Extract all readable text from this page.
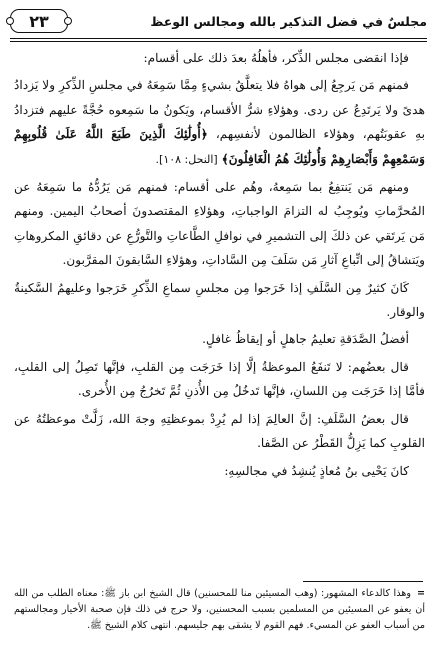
مجلسٌ في فضل التذكير بالله ومجالس الوعظ
٢٣

فإذا انقضى مجلس الذِّكر، فأهلُهُ بعدَ ذلك على أقسام:

فمنهم مَن يَرجِعُ إلى هواهُ فلا يتعلَّقُ بشيءٍ مِمَّا سَمِعَهُ في مجلسِ الذِّكرِ ولا يَزدادُ هدىً ولا يَرتَدِعُ عن ردى. وهؤلاءِ شرُّ الأقسام، ويَكونُ ما سَمِعوه حُجَّةً عليهم فتزدادُ بهِ عقوبَتُهم، وهؤلاء الظالمون لأنفسِهم، ﴿أُولَٰئِكَ الَّذِينَ طَبَعَ اللَّهُ عَلَىٰ قُلُوبِهِمْ وَسَمْعِهِمْ وَأَبْصَارِهِمْ وَأُولَٰئِكَ هُمُ الْغَافِلُونَ﴾ [النحل: ١٠٨].

ومنهم مَن يَنتفِعُ بما سَمِعهُ، وهُم على أقسام: فمنهم مَن يَرُدُّهُ ما سَمِعَهُ عن المُحرَّماتِ ويُوجِبُ له التزامَ الواجباتِ، وهؤلاءِ المقتصدونَ أصحابُ اليمين. ومنهم مَن يَرتَقي عن ذلكَ إلى التشميرِ في نوافلِ الطَّاعاتِ والتَّورُّعِ عن دقائقِ المكروهاتِ ويَتشاقُ إلى اتِّباعِ آثارِ مَن سَلَفَ مِن السَّاداتِ، وهؤلاءِ السَّابقونَ المقرَّبون.

كَانَ كثيرٌ مِن السَّلَفِ إذا خَرَجوا مِن مجلسِ سماعِ الذِّكرِ خَرَجوا وعليهمُ السَّكينةُ والوقار.

أفضلُ الصَّدَقةِ تعليمُ جاهلٍ أو إيقاظُ غافلٍ.

قال بعضُهم: لا تَنفَعُ الموعظةُ إلَّا إذا خَرَجَت مِن القلبِ، فإنَّها تَصِلُ إلى القلبِ، فأمَّا إذا خَرَجَت مِن اللسانِ، فإنَّها تَدخُلُ مِن الأُذنِ ثُمَّ تَخرُجُ مِن الأُخرى.

قال بعضُ السَّلَفِ: إنَّ العالِمَ إذا لم يُرِدْ بموعظتِهِ وجهَ الله، زَلَّتْ موعظتُهُ عن القلوبِ كما يَزِلُّ القَطْرُ عن الصَّفا.

كانَ يَحْيى بنُ مُعاذٍ يُنشِدُ في مجالسِهِ:

=وهذا كالدعاء المشهور: (وهب المسيئين منا للمحسنين) قال الشيخ ابن باز ﷺ: معناه الطلب من الله أن يعفو عن المسيئين من المسلمين بسبب المحسنين، ولا حرج في ذلك فإن صحبة الأخيار ومجالستهم من أسباب العفو عن المسيء. فهم القوم لا يشقى بهم جليسهم. انتهى كلام الشيخ ﷺ.
